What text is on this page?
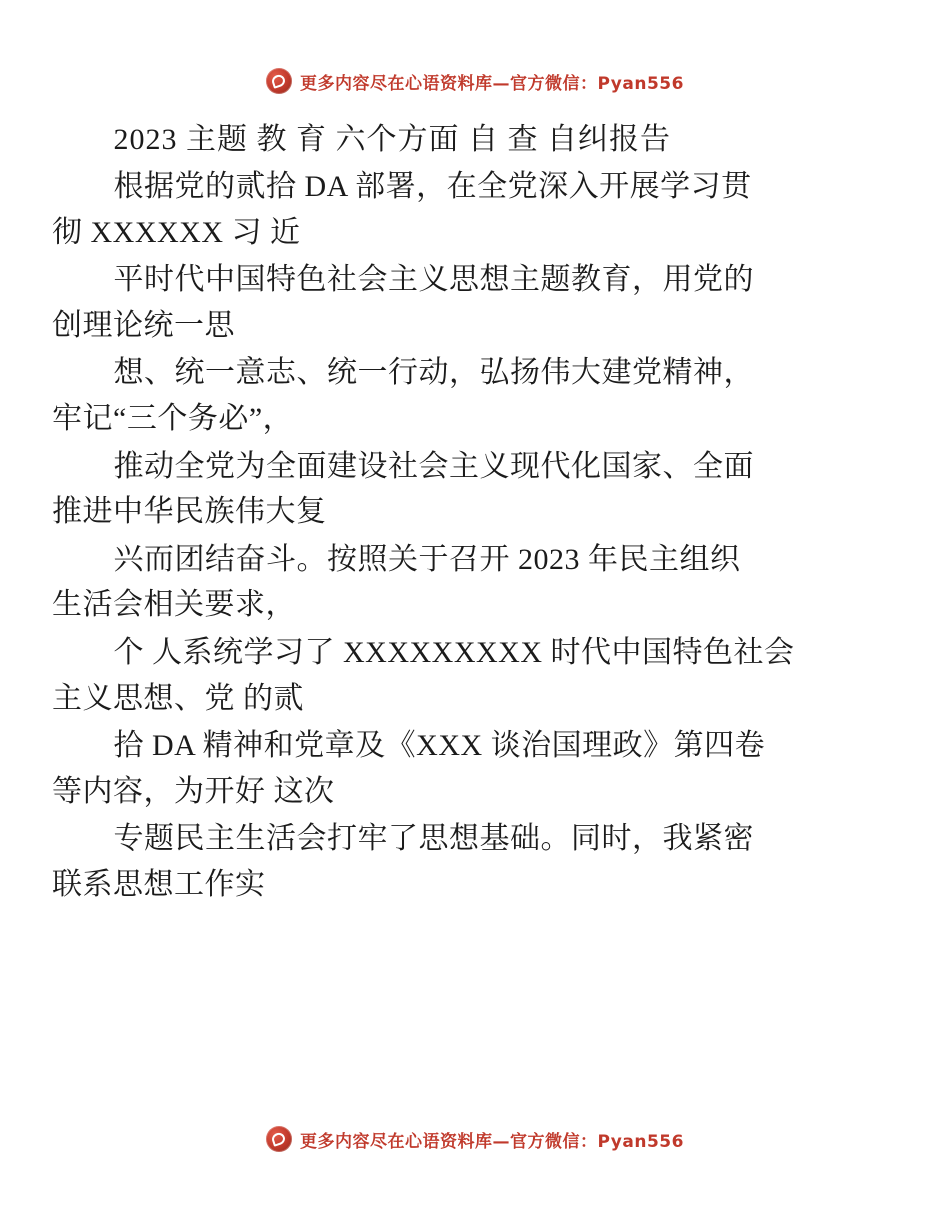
更多内容尽在心语资料库—官方微信：Pyan556
2023 主题 教 育 六个方面 自 查 自纠报告
根据党的贰拾 DA 部署，在全党深入开展学习贯
彻 XXXXXX 习 近
平时代中国特色社会主义思想主题教育，用党的
创理论统一思
想、统一意志、统一行动，弘扬伟大建党精神，
牢记“三个务必”，
推动全党为全面建设社会主义现代化国家、全面
推进中华民族伟大复
兴而团结奋斗。按照关于召开 2023 年民主组织
生活会相关要求，
个 人系统学习了 XXXXXXXXX 时代中国特色社会
主义思想、党 的贰
拾 DA 精神和党章及《XXX 谈治国理政》第四卷
等内容，为开好 这次
专题民主生活会打牢了思想基础。同时，我紧密
联系思想工作实
更多内容尽在心语资料库—官方微信：Pyan556
